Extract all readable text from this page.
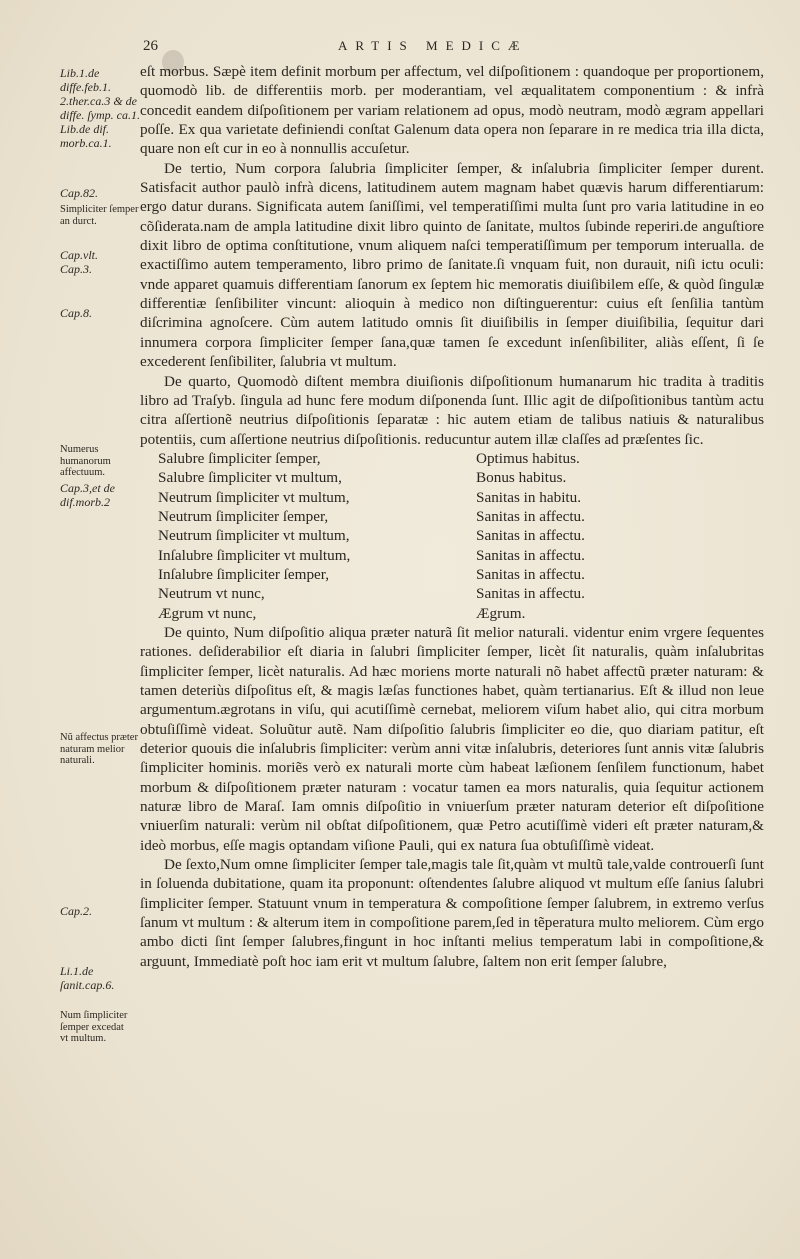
26	ARTIS MEDICÆ
Lib.1.de diffe.feb.1. 2.ther.ca.3 & de diffe. ſymp. ca.1. Lib.de dif. morb.ca.1.
Cap.82.
Simpliciter ſemper an durct.
Cap.vlt. Cap.3.
Cap.8.
Numerus humanorum affectuum.
Cap.3,et de dif.morb.2
Nũ affectus præter naturam melior naturali.
Cap.2.
Li.1.de ſanit.cap.6.
Num ſimpliciter ſemper excedat vt multum.

eſt morbus. Sæpè item definit morbum per affectum, vel diſpoſitionem : quandoque per proportionem, quomodò lib. de differentiis morb. per moderantiam, vel æqualitatem componentium : & infrà concedit eandem diſpoſitionem per variam relationem ad opus, modò neutram, modò ægram appellari poſſe. Ex qua varietate definiendi conſtat Galenum data opera non ſeparare in re medica tria illa dicta, quare non eſt cur in eo à nonnullis accuſetur.

De tertio, Num corpora ſalubria ſimpliciter ſemper, & inſalubria ſimpliciter ſemper durent. Satisfacit author paulò infrà dicens, latitudinem autem magnam habet quævis harum differentiarum: ergo datur durans. Significata autem ſaniſſimi, vel temperatiſſimi multa ſunt pro varia latitudine in eo cõſiderata.nam de ampla latitudine dixit libro quinto de ſanitate, multos ſubinde reperiri.de anguſtiore dixit libro de optima conſtitutione, vnum aliquem naſci temperatiſſimum per temporum interualla. de exactiſſimo autem temperamento, libro primo de ſanitate.ſi vnquam fuit, non durauit, niſi ictu oculi: vnde apparet quamuis differentiam ſanorum ex ſeptem hic memoratis diuiſibilem eſſe, & quòd ſingulæ differentiæ ſenſibiliter vincunt: alioquin à medico non diſtinguerentur: cuius eſt ſenſilia tantùm diſcrimina agnoſcere. Cùm autem latitudo omnis ſit diuiſibilis in ſemper diuiſibilia, ſequitur dari innumera corpora ſimpliciter ſemper ſana,quæ tamen ſe excedunt inſenſibiliter, aliàs eſſent, ſi ſe excederent ſenſibiliter, ſalubria vt multum.

De quarto, Quomodò diſtent membra diuiſionis diſpoſitionum humanarum hic tradita à traditis libro ad Traſyb. ſingula ad hunc fere modum diſponenda ſunt. Illic agit de diſpoſitionibus tantùm actu citra aſſertionẽ neutrius diſpoſitionis ſeparatæ : hic autem etiam de talibus natiuis & naturalibus potentiis, cum aſſertione neutrius diſpoſitionis. reducuntur autem illæ claſſes ad præſentes ſic.

Salubre ſimpliciter ſemper,	Optimus habitus.
Salubre ſimpliciter vt multum,	Bonus habitus.
Neutrum ſimpliciter vt multum,	Sanitas in habitu.
Neutrum ſimpliciter ſemper,	Sanitas in affectu.
Neutrum ſimpliciter vt multum,	Sanitas in affectu.
Inſalubre ſimpliciter vt multum,	Sanitas in affectu.
Inſalubre ſimpliciter ſemper,	Sanitas in affectu.
Neutrum vt nunc,	Sanitas in affectu.
Ægrum vt nunc,	Ægrum.

De quinto, Num diſpoſitio aliqua præter naturã ſit melior naturali. videntur enim vrgere ſequentes rationes. deſiderabilior eſt diaria in ſalubri ſimpliciter ſemper, licèt ſit naturalis, quàm inſalubritas ſimpliciter ſemper, licèt naturalis. Ad hæc moriens morte naturali nõ habet affectũ præter naturam: & tamen deteriùs diſpoſitus eſt, & magis læſas functiones habet, quàm tertianarius. Eſt & illud non leue argumentum.ægrotans in viſu, qui acutiſſimè cernebat, meliorem viſum habet alio, qui citra morbum obtuſiſſimè videat. Soluũtur autẽ. Nam diſpoſitio ſalubris ſimpliciter eo die, quo diariam patitur, eſt deterior quouis die inſalubris ſimpliciter: verùm anni vitæ inſalubris, deteriores ſunt annis vitæ ſalubris ſimpliciter hominis. moriẽs verò ex naturali morte cùm habeat læſionem ſenſilem functionum, habet morbum & diſpoſitionem præter naturam : vocatur tamen ea mors naturalis, quia ſequitur actionem naturæ libro de Maraſ. Iam omnis diſpoſitio in vniuerſum præter naturam deterior eſt diſpoſitione vniuerſim naturali: verùm nil obſtat diſpoſitionem, quæ Petro acutiſſimè videri eſt præter naturam,& ideò morbus, eſſe magis optandam viſione Pauli, qui ex natura ſua obtuſiſſimè videat.

De ſexto,Num omne ſimpliciter ſemper tale,magis tale ſit,quàm vt multũ tale,valde controuerſi ſunt in ſoluenda dubitatione, quam ita proponunt: oſtendentes ſalubre aliquod vt multum eſſe ſanius ſalubri ſimpliciter ſemper. Statuunt vnum in temperatura & compoſitione ſemper ſalubrem, in extremo verſus ſanum vt multum : & alterum item in compoſitione parem,ſed in tẽperatura multo meliorem. Cùm ergo ambo dicti ſint ſemper ſalubres,fingunt in hoc inſtanti melius temperatum labi in compoſitione,& arguunt, Immediatè poſt hoc iam erit vt multum ſalubre, ſaltem non erit ſemper ſalubre,
